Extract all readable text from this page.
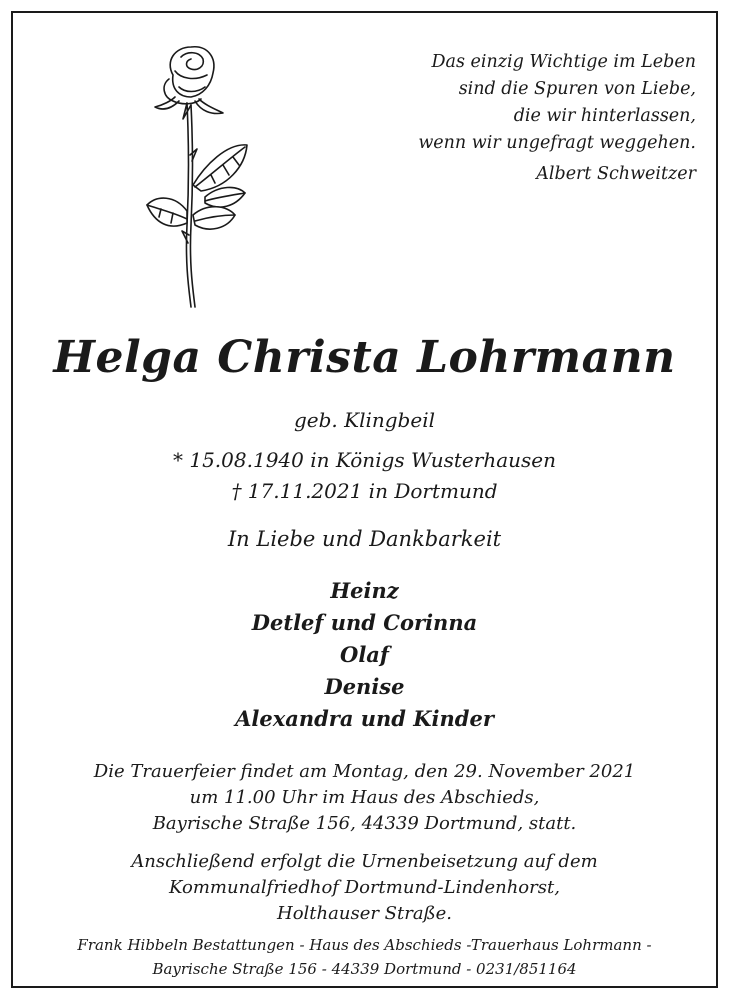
Das einzig Wichtige im Leben
sind die Spuren von Liebe,
die wir hinterlassen,
wenn wir ungefragt weggehen.
Albert Schweitzer
Helga Christa Lohrmann
geb. Klingbeil
* 15.08.1940 in Königs Wusterhausen
† 17.11.2021 in Dortmund
In Liebe und Dankbarkeit
Heinz
Detlef und Corinna
Olaf
Denise
Alexandra und Kinder
Die Trauerfeier findet am Montag, den 29. November 2021
um 11.00 Uhr im Haus des Abschieds,
Bayrische Straße 156, 44339 Dortmund, statt.
Anschließend erfolgt die Urnenbeisetzung auf dem
Kommunalfriedhof Dortmund-Lindenhorst,
Holthauser Straße.
Frank Hibbeln Bestattungen - Haus des Abschieds -Trauerhaus Lohrmann -
Bayrische Straße 156 - 44339 Dortmund - 0231/851164
